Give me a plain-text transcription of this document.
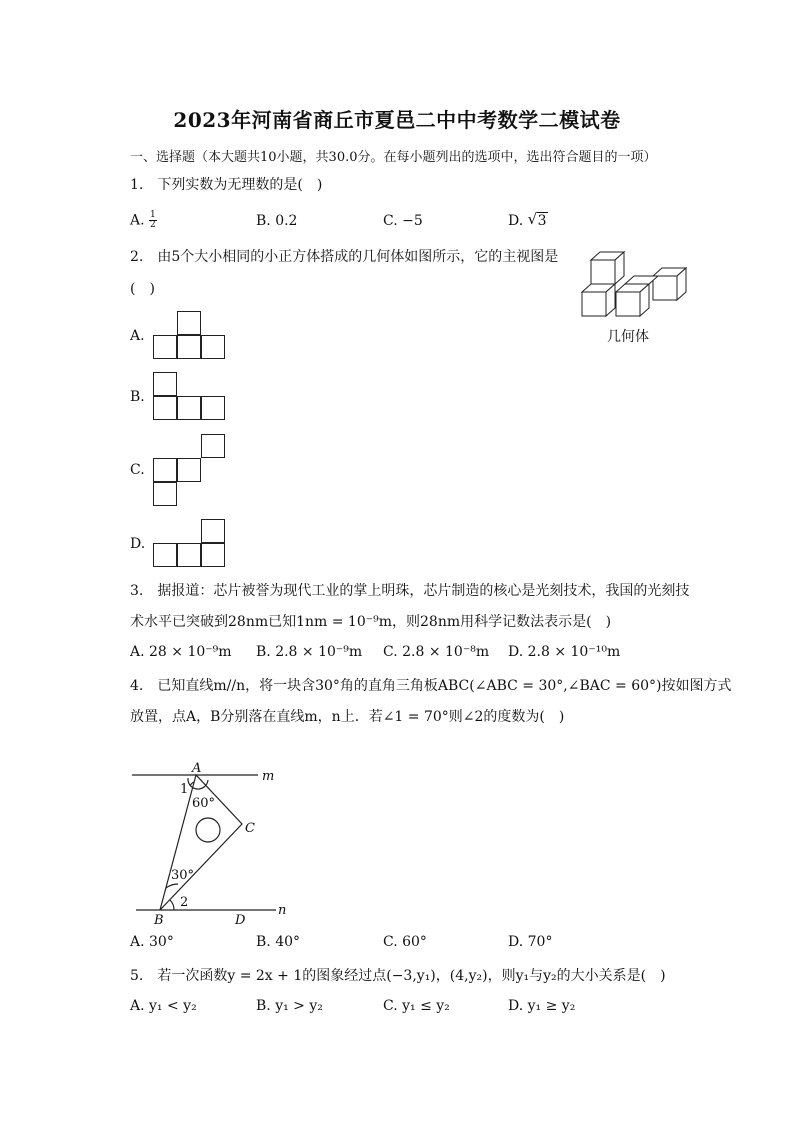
2023年河南省商丘市夏邑二中中考数学二模试卷
一、选择题（本大题共10小题，共30.0分。在每小题列出的选项中，选出符合题目的一项）
1.　下列实数为无理数的是(　)
A. $\frac{1}{2}$	B. 0.2	C. −5	D. √ 3
2.　由5个大小相同的小正方体搭成的几何体如图所示，它的主视图是
(　)
几何体
A.
B.
C.
D.
3.　据报道：芯片被誉为现代工业的掌上明珠，芯片制造的核心是光刻技术，我国的光刻技
术水平已突破到28nm已知1nm = 10⁻⁹m，则28nm用科学记数法表示是(　)
A. 28 × 10⁻⁹m B. 2.8 × 10⁻⁹m C. 2.8 × 10⁻⁸m D. 2.8 × 10⁻¹⁰m
4.　已知直线m//n，将一块含30°角的直角三角板ABC(∠ABC = 30°,∠BAC = 60°)按如图方式
放置，点A，B分别落在直线m，n上．若∠1 = 70°则∠2的度数为(　)
A
m
C
B	D
n
1
60°
30°
2
A. 30°	B. 40°	C. 60°	D. 70°
5.　若一次函数y = 2x + 1的图象经过点(−3,y₁)，(4,y₂)，则y₁与y₂的大小关系是(　)
A. y₁ < y₂	B. y₁ > y₂	C. y₁ ≤ y₂	D. y₁ ≥ y₂
